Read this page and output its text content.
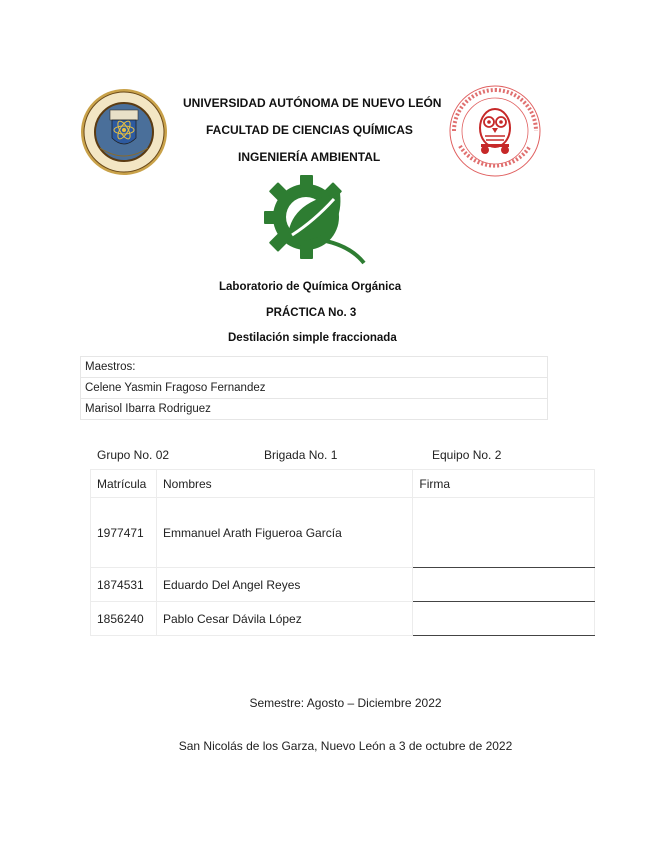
UNIVERSIDAD AUTÓNOMA DE NUEVO LEÓN
FACULTAD DE CIENCIAS QUÍMICAS
INGENIERÍA AMBIENTAL
Laboratorio de Química Orgánica
PRÁCTICA No. 3
Destilación simple fraccionada
Maestros:
Celene Yasmin Fragoso Fernandez
Marisol Ibarra Rodriguez
Grupo No. 02	Brigada No. 1	Equipo No. 2
Matrícula	Nombres	Firma
1977471	Emmanuel Arath Figueroa García	
1874531	Eduardo Del Angel Reyes	
1856240	Pablo Cesar Dávila López	
Semestre: Agosto – Diciembre 2022
San Nicolás de los Garza, Nuevo León a 3 de octubre de 2022
